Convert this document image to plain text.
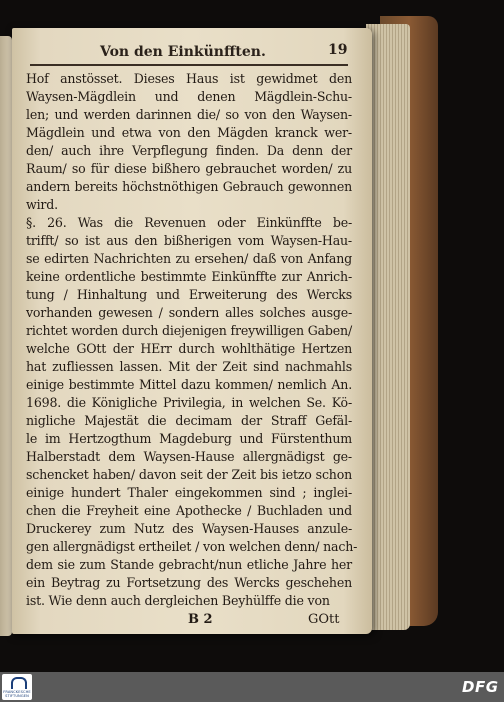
Von den Einkünfften.	19
Hof anstösset. Dieses Haus ist gewidmet den
Waysen-Mägdlein und denen Mägdlein-Schu-
len; und werden darinnen die/ so von den Waysen-
Mägdlein und etwa von den Mägden kranck wer-
den/ auch ihre Verpflegung finden. Da denn der
Raum/ so für diese bißhero gebrauchet worden/ zu
andern bereits höchstnöthigen Gebrauch gewonnen
wird.
§. 26. Was die Revenuen oder Einkünffte be-
trifft/ so ist aus den bißherigen vom Waysen-Hau-
se edirten Nachrichten zu ersehen/ daß von Anfang
keine ordentliche bestimmte Einkünffte zur Anrich-
tung / Hinhaltung und Erweiterung des Wercks
vorhanden gewesen / sondern alles solches ausge-
richtet worden durch diejenigen freywilligen Gaben/
welche GOtt der HErr durch wohlthätige Hertzen
hat zufliessen lassen. Mit der Zeit sind nachmahls
einige bestimmte Mittel dazu kommen/ nemlich An.
1698. die Königliche Privilegia, in welchen Se. Kö-
nigliche Majestät die decimam der Straff Gefäl-
le im Hertzogthum Magdeburg und Fürstenthum
Halberstadt dem Waysen-Hause allergnädigst ge-
schencket haben/ davon seit der Zeit bis ietzo schon
einige hundert Thaler eingekommen sind ; inglei-
chen die Freyheit eine Apothecke / Buchladen und
Druckerey zum Nutz des Waysen-Hauses anzule-
gen allergnädigst ertheilet / von welchen denn/ nach-
dem sie zum Stande gebracht/nun etliche Jahre her
ein Beytrag zu Fortsetzung des Wercks geschehen
ist. Wie denn auch dergleichen Beyhülffe die von
B 2	GOtt
FRANCKESCHE STIFTUNGEN	DFG
